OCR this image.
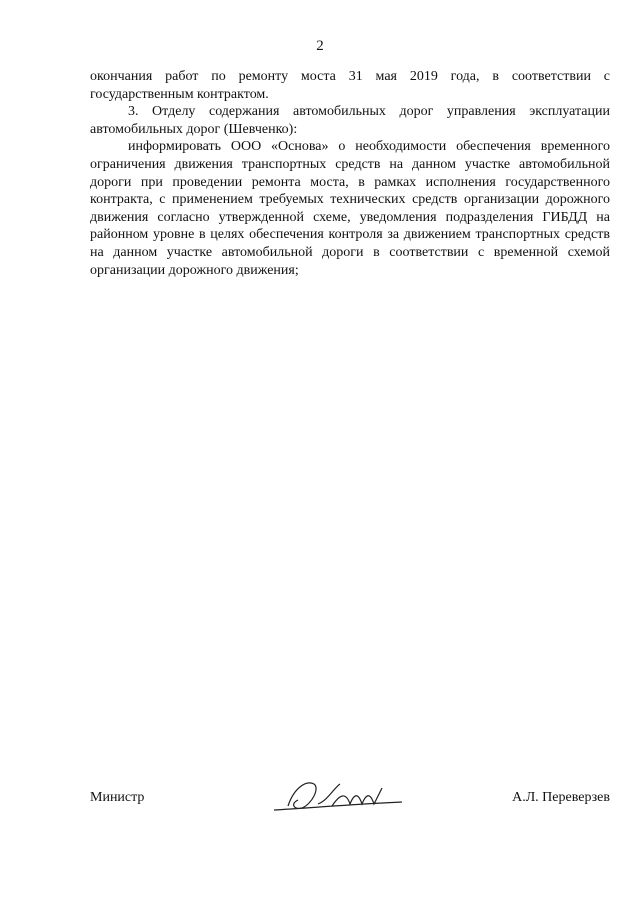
2

окончания работ по ремонту моста 31 мая 2019 года, в соответствии с государственным контрактом.

3. Отделу содержания автомобильных дорог управления эксплуатации автомобильных дорог (Шевченко):

информировать ООО «Основа» о необходимости обеспечения временного ограничения движения транспортных средств на данном участке автомобильной дороги при проведении ремонта моста, в рамках исполнения государственного контракта, с применением требуемых технических средств организации дорожного движения согласно утвержденной схеме, уведомления подразделения ГИБДД на районном уровне в целях обеспечения контроля за движением транспортных средств на данном участке автомобильной дороги в соответствии с временной схемой организации дорожного движения;

Министр	А.Л. Переверзев
